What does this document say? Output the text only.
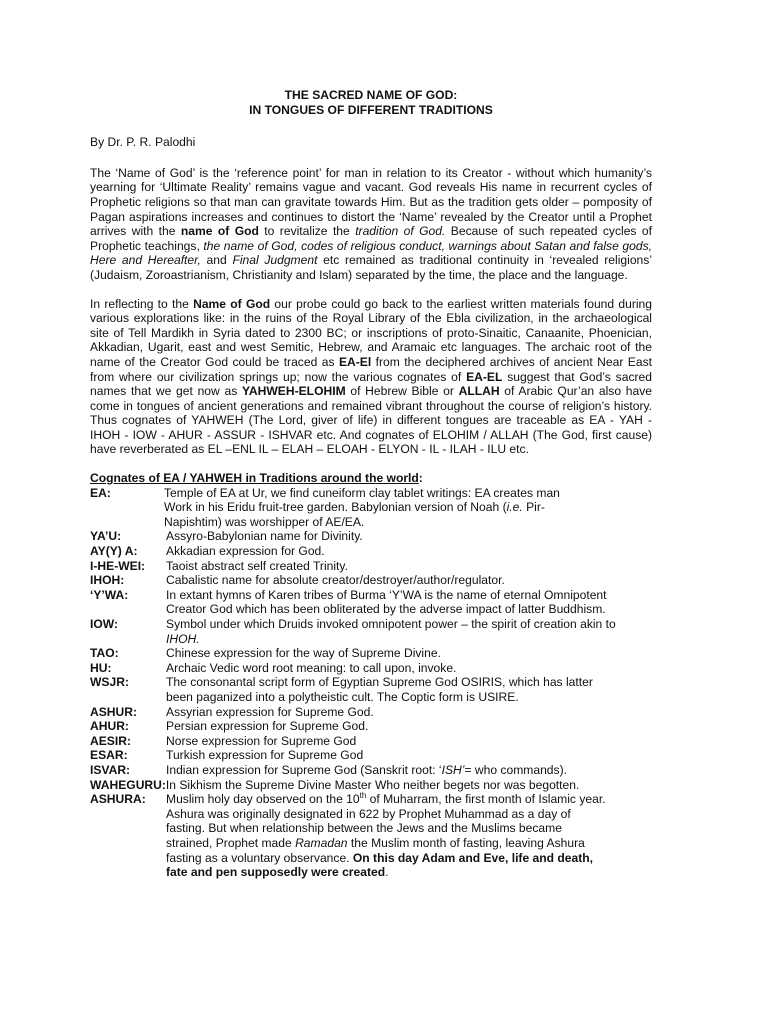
THE SACRED NAME OF GOD:
IN TONGUES OF DIFFERENT TRADITIONS
By Dr. P. R. Palodhi
The ‘Name of God’ is the ‘reference point’ for man in relation to its Creator - without which humanity’s yearning for ‘Ultimate Reality’ remains vague and vacant. God reveals His name in recurrent cycles of Prophetic religions so that man can gravitate towards Him. But as the tradition gets older – pomposity of Pagan aspirations increases and continues to distort the ‘Name’ revealed by the Creator until a Prophet arrives with the name of God to revitalize the tradition of God. Because of such repeated cycles of Prophetic teachings, the name of God, codes of religious conduct, warnings about Satan and false gods, Here and Hereafter, and Final Judgment etc remained as traditional continuity in ‘revealed religions’ (Judaism, Zoroastrianism, Christianity and Islam) separated by the time, the place and the language.
In reflecting to the Name of God our probe could go back to the earliest written materials found during various explorations like: in the ruins of the Royal Library of the Ebla civilization, in the archaeological site of Tell Mardikh in Syria dated to 2300 BC; or inscriptions of proto-Sinaitic, Canaanite, Phoenician, Akkadian, Ugarit, east and west Semitic, Hebrew, and Aramaic etc languages. The archaic root of the name of the Creator God could be traced as EA-El from the deciphered archives of ancient Near East from where our civilization springs up; now the various cognates of EA-EL suggest that God’s sacred names that we get now as YAHWEH-ELOHIM of Hebrew Bible or ALLAH of Arabic Qur’an also have come in tongues of ancient generations and remained vibrant throughout the course of religion’s history. Thus cognates of YAHWEH (The Lord, giver of life) in different tongues are traceable as EA - YAH - IHOH - IOW - AHUR - ASSUR - ISHVAR etc. And cognates of ELOHIM / ALLAH (The God, first cause) have reverberated as EL –ENL IL – ELAH – ELOAH - ELYON - IL - ILAH - ILU etc.
Cognates of EA / YAHWEH in Traditions around the world:
EA:	Temple of EA at Ur, we find cuneiform clay tablet writings: EA creates man
Work in his Eridu fruit-tree garden. Babylonian version of Noah (i.e. Pir-
Napishtim) was worshipper of AE/EA.
YA’U:	Assyro-Babylonian name for Divinity.
AY(Y) A:	Akkadian expression for God.
I-HE-WEI:	Taoist abstract self created Trinity.
IHOH:	Cabalistic name for absolute creator/destroyer/author/regulator.
‘Y’WA:	In extant hymns of Karen tribes of Burma ‘Y’WA is the name of eternal Omnipotent
Creator God which has been obliterated by the adverse impact of latter Buddhism.
IOW:	Symbol under which Druids invoked omnipotent power – the spirit of creation akin to
IHOH.
TAO:	Chinese expression for the way of Supreme Divine.
HU:	Archaic Vedic word root meaning: to call upon, invoke.
WSJR:	The consonantal script form of Egyptian Supreme God OSIRIS, which has latter
been paganized into a polytheistic cult. The Coptic form is USIRE.
ASHUR:	Assyrian expression for Supreme God.
AHUR:	Persian expression for Supreme God.
AESIR:	Norse expression for Supreme God
ESAR:	Turkish expression for Supreme God
ISVAR:	Indian expression for Supreme God (Sanskrit root: ‘ISH’= who commands).
WAHEGURU: In Sikhism the Supreme Divine Master Who neither begets nor was begotten.
ASHURA:	Muslim holy day observed on the 10th of Muharram, the first month of Islamic year.
Ashura was originally designated in 622 by Prophet Muhammad as a day of
fasting. But when relationship between the Jews and the Muslims became
strained, Prophet made Ramadan the Muslim month of fasting, leaving Ashura
fasting as a voluntary observance. On this day Adam and Eve, life and death,
fate and pen supposedly were created.
